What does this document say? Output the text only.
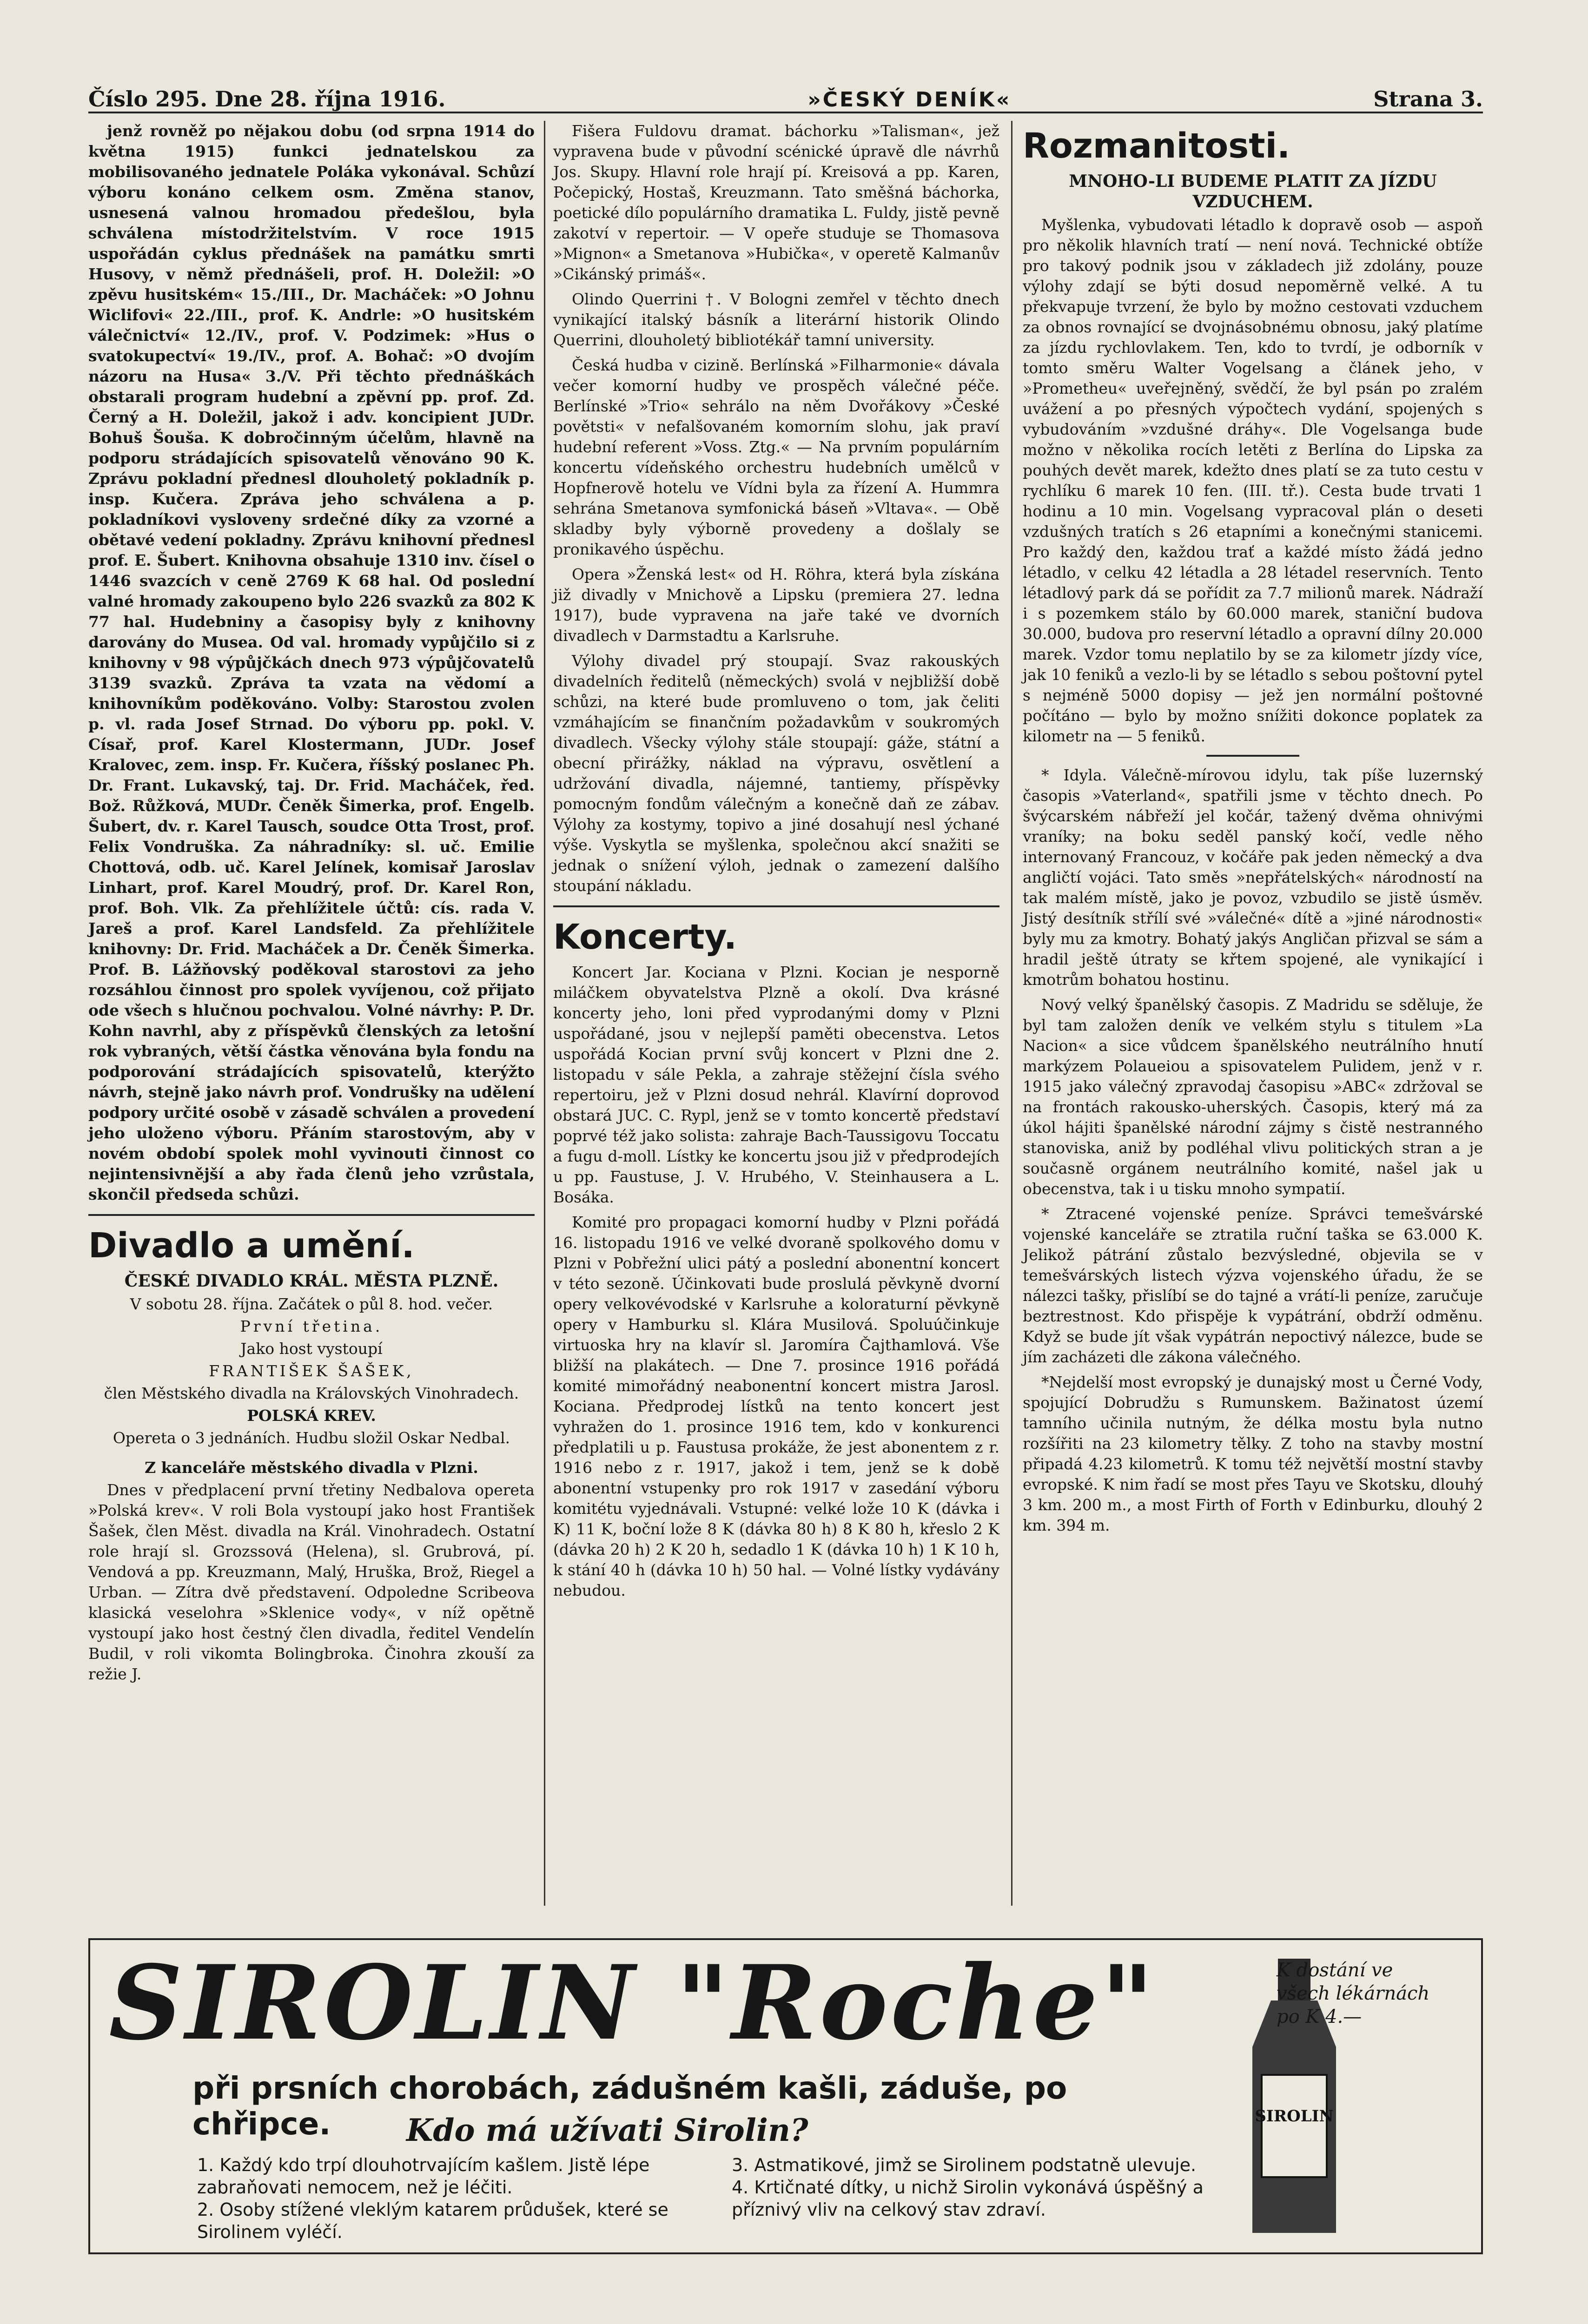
Číslo 295. Dne 28. října 1916.	»ČESKÝ DENÍK«	Strana 3.

jenž rovněž po nějakou dobu (od srpna 1914 do května 1915) funkci jednatelskou za mobilisovaného jednatele Poláka vykonával. Schůzí výboru konáno celkem osm. Změna stanov, usnesená valnou hromadou předešlou, byla schválena místodržitelstvím. V roce 1915 uspořádán cyklus přednášek na památku smrti Husovy, v němž přednášeli, prof. H. Doležil: »O zpěvu husitském« 15./III., Dr. Macháček: »O Johnu Wiclifovi« 22./III., prof. K. Andrle: »O husitském válečnictví« 12./IV., prof. V. Podzimek: »Hus o svatokupectví« 19./IV., prof. A. Bohač: »O dvojím názoru na Husa« 3./V. Při těchto přednáškách obstarali program hudební a zpěvní pp. prof. Zd. Černý a H. Doležil, jakož i adv. koncipient JUDr. Bohuš Šouša. K dobročinným účelům, hlavně na podporu strádajících spisovatelů věnováno 90 K. Zprávu pokladní přednesl dlouholetý pokladník p. insp. Kučera. Zpráva jeho schválena a p. pokladníkovi vysloveny srdečné díky za vzorné a obětavé vedení pokladny. Zprávu knihovní přednesl prof. E. Šubert. Knihovna obsahuje 1310 inv. čísel o 1446 svazcích v ceně 2769 K 68 hal. Od poslední valné hromady zakoupeno bylo 226 svazků za 802 K 77 hal. Hudebniny a časopisy byly z knihovny darovány do Musea. Od val. hromady vypůjčilo si z knihovny v 98 výpůjčkách dnech 973 výpůjčovatelů 3139 svazků. Zpráva ta vzata na vědomí a knihovníkům poděkováno. Volby: Starostou zvolen p. vl. rada Josef Strnad. Do výboru pp. pokl. V. Císař, prof. Karel Klostermann, JUDr. Josef Kralovec, zem. insp. Fr. Kučera, říšský poslanec Ph. Dr. Frant. Lukavský, taj. Dr. Frid. Macháček, řed. Bož. Růžková, MUDr. Čeněk Šimerka, prof. Engelb. Šubert, dv. r. Karel Tausch, soudce Otta Trost, prof. Felix Vondruška. Za náhradníky: sl. uč. Emilie Chottová, odb. uč. Karel Jelínek, komisař Jaroslav Linhart, prof. Karel Moudrý, prof. Dr. Karel Ron, prof. Boh. Vlk. Za přehlížitele účtů: cís. rada V. Jareš a prof. Karel Landsfeld. Za přehlížitele knihovny: Dr. Frid. Macháček a Dr. Čeněk Šimerka. Prof. B. Lážňovský poděkoval starostovi za jeho rozsáhlou činnost pro spolek vyvíjenou, což přijato ode všech s hlučnou pochvalou. Volné návrhy: P. Dr. Kohn navrhl, aby z příspěvků členských za letošní rok vybraných, větší částka věnována byla fondu na podporování strádajících spisovatelů, kterýžto návrh, stejně jako návrh prof. Vondrušky na udělení podpory určité osobě v zásadě schválen a provedení jeho uloženo výboru. Přáním starostovým, aby v novém období spolek mohl vyvinouti činnost co nejintensivnější a aby řada členů jeho vzrůstala, skončil předseda schůzi.

Divadlo a umění.
ČESKÉ DIVADLO KRÁL. MĚSTA PLZNĚ.
V sobotu 28. října. Začátek o půl 8. hod. večer.
První třetina.
Jako host vystoupí
FRANTIŠEK ŠAŠEK,
člen Městského divadla na Královských Vinohradech.
POLSKÁ KREV.
Opereta o 3 jednáních. Hudbu složil Oskar Nedbal.
Z kanceláře městského divadla v Plzni.

Dnes v předplacení první třetiny Nedbalova opereta »Polská krev«. V roli Bola vystoupí jako host František Šašek, člen Měst. divadla na Král. Vinohradech. Ostatní role hrají sl. Grozssová (Helena), sl. Grubrová, pí. Vendová a pp. Kreuzmann, Malý, Hruška, Brož, Riegel a Urban. — Zítra dvě představení. Odpoledne Scribeova klasická veselohra »Sklenice vody«, v níž opětně vystoupí jako host čestný člen divadla, ředitel Vendelín Budil, v roli vikomta Bolingbroka. Činohra zkouší za režie J.

Fišera Fuldovu dramat. báchorku »Talisman«, jež vypravena bude v původní scénické úpravě dle návrhů Jos. Skupy. Hlavní role hrají pí. Kreisová a pp. Karen, Počepický, Hostaš, Kreuzmann. Tato směšná báchorka, poetické dílo populárního dramatika L. Fuldy, jistě pevně zakotví v repertoir. — V opeře studuje se Thomasova »Mignon« a Smetanova »Hubička«, v operetě Kalmanův »Cikánský primáš«.

Olindo Querrini †. V Bologni zemřel v těchto dnech vynikající italský básník a literární historik Olindo Querrini, dlouholetý bibliotékář tamní university.

Česká hudba v cizině. Berlínská »Filharmonie« dávala večer komorní hudby ve prospěch válečné péče. Berlínské »Trio« sehrálo na něm Dvořákovy »České povětsti« v nefalšovaném komorním slohu, jak praví hudební referent »Voss. Ztg.« — Na prvním populárním koncertu vídeňského orchestru hudebních umělců v Hopfnerově hotelu ve Vídni byla za řízení A. Hummra sehrána Smetanova symfonická báseň »Vltava«. — Obě skladby byly výborně provedeny a došlaly se pronikavého úspěchu.

Opera »Ženská lest« od H. Röhra, která byla získána již divadly v Mnichově a Lipsku (premiera 27. ledna 1917), bude vypravena na jaře také ve dvorních divadlech v Darmstadtu a Karlsruhe.

Výlohy divadel prý stoupají. Svaz rakouských divadelních ředitelů (německých) svolá v nejbližší době schůzi, na které bude promluveno o tom, jak čeliti vzmáhajícím se finančním požadavkům v soukromých divadlech. Všecky výlohy stále stoupají: gáže, státní a obecní přirážky, náklad na výpravu, osvětlení a udržování divadla, nájemné, tantiemy, příspěvky pomocným fondům válečným a konečně daň ze zábav. Výlohy za kostymy, topivo a jiné dosahují nesl ýchané výše. Vyskytla se myšlenka, společnou akcí snažiti se jednak o snížení výloh, jednak o zamezení dalšího stoupání nákladu.

Koncerty.

Koncert Jar. Kociana v Plzni. Kocian je nesporně miláčkem obyvatelstva Plzně a okolí. Dva krásné koncerty jeho, loni před vyprodanými domy v Plzni uspořádané, jsou v nejlepší paměti obecenstva. Letos uspořádá Kocian první svůj koncert v Plzni dne 2. listopadu v sále Pekla, a zahraje stěžejní čísla svého repertoiru, jež v Plzni dosud nehrál. Klavírní doprovod obstará JUC. C. Rypl, jenž se v tomto koncertě představí poprvé též jako solista: zahraje Bach-Taussigovu Toccatu a fugu d-moll. Lístky ke koncertu jsou již v předprodejích u pp. Faustuse, J. V. Hrubého, V. Steinhausera a L. Bosáka.

Komité pro propagaci komorní hudby v Plzni pořádá 16. listopadu 1916 ve velké dvoraně spolkového domu v Plzni v Pobřežní ulici pátý a poslední abonentní koncert v této sezoně. Účinkovati bude proslulá pěvkyně dvorní opery velkovévodské v Karlsruhe a koloraturní pěvkyně opery v Hamburku sl. Klára Musilová. Spoluúčinkuje virtuoska hry na klavír sl. Jaromíra Čajthamlová. Vše bližší na plakátech. — Dne 7. prosince 1916 pořádá komité mimořádný neabonentní koncert mistra Jarosl. Kociana. Předprodej lístků na tento koncert jest vyhražen do 1. prosince 1916 tem, kdo v konkurenci předplatili u p. Faustusa prokáže, že jest abonentem z r. 1916 nebo z r. 1917, jakož i tem, jenž se k době abonentní vstupenky pro rok 1917 v zasedání výboru komitétu vyjednávali. Vstupné: velké lože 10 K (dávka i K) 11 K, boční lože 8 K (dávka 80 h) 8 K 80 h, křeslo 2 K (dávka 20 h) 2 K 20 h, sedadlo 1 K (dávka 10 h) 1 K 10 h, k stání 40 h (dávka 10 h) 50 hal. — Volné lístky vydávány nebudou.

Rozmanitosti.
MNOHO-LI BUDEME PLATIT ZA JÍZDU VZDUCHEM.

Myšlenka, vybudovati létadlo k dopravě osob — aspoň pro několik hlavních tratí — není nová. Technické obtíže pro takový podnik jsou v základech již zdolány, pouze výlohy zdají se býti dosud nepoměrně velké. A tu překvapuje tvrzení, že bylo by možno cestovati vzduchem za obnos rovnající se dvojnásobnému obnosu, jaký platíme za jízdu rychlovlakem. Ten, kdo to tvrdí, je odborník v tomto směru Walter Vogelsang a článek jeho, v »Prometheu« uveřejněný, svědčí, že byl psán po zralém uvážení a po přesných výpočtech vydání, spojených s vybudováním »vzdušné dráhy«. Dle Vogelsanga bude možno v několika rocích letěti z Berlína do Lipska za pouhých devět marek, kdežto dnes platí se za tuto cestu v rychlíku 6 marek 10 fen. (III. tř.). Cesta bude trvati 1 hodinu a 10 min. Vogelsang vypracoval plán o deseti vzdušných tratích s 26 etapními a konečnými stanicemi. Pro každý den, každou trať a každé místo žádá jedno létadlo, v celku 42 létadla a 28 létadel reservních. Tento létadlový park dá se pořídit za 7.7 milionů marek. Nádraží i s pozemkem stálo by 60.000 marek, staniční budova 30.000, budova pro reservní létadlo a opravní dílny 20.000 marek. Vzdor tomu neplatilo by se za kilometr jízdy více, jak 10 feniků a vezlo-li by se létadlo s sebou poštovní pytel s nejméně 5000 dopisy — jež jen normální poštovné počítáno — bylo by možno snížiti dokonce poplatek za kilometr na — 5 feniků.

* Idyla. Válečně-mírovou idylu, tak píše luzernský časopis »Vaterland«, spatřili jsme v těchto dnech. Po švýcarském nábřeží jel kočár, tažený dvěma ohnivými vraníky; na boku seděl panský kočí, vedle něho internovaný Francouz, v kočáře pak jeden německý a dva angličtí vojáci. Tato směs »nepřátelských« národností na tak malém místě, jako je povoz, vzbudilo se jistě úsměv. Jistý desítník střílí své »válečné« dítě a »jiné národnosti« byly mu za kmotry. Bohatý jakýs Angličan přizval se sám a hradil ještě útraty se křtem spojené, ale vynikající i kmotrům bohatou hostinu.

Nový velký španělský časopis. Z Madridu se sděluje, že byl tam založen deník ve velkém stylu s titulem »La Nacion« a sice vůdcem španělského neutrálního hnutí markýzem Polaueiou a spisovatelem Pulidem, jenž v r. 1915 jako válečný zpravodaj časopisu »ABC« zdržoval se na frontách rakousko-uherských. Časopis, který má za úkol hájiti španělské národní zájmy s čistě nestranného stanoviska, aniž by podléhal vlivu politických stran a je současně orgánem neutrálního komité, našel jak u obecenstva, tak i u tisku mnoho sympatií.

* Ztracené vojenské peníze. Správci temešvárské vojenské kanceláře se ztratila ruční taška se 63.000 K. Jelikož pátrání zůstalo bezvýsledné, objevila se v temešvárských listech výzva vojenského úřadu, že se nálezci tašky, přislíbí se do tajné a vrátí-li peníze, zaručuje beztrestnost. Kdo přispěje k vypátrání, obdrží odměnu. Když se bude jít však vypátrán nepoctivý nálezce, bude se jím zacházeti dle zákona válečného.

*Nejdelší most evropský je dunajský most u Černé Vody, spojující Dobrudžu s Rumunskem. Bažinatost území tamního učinila nutným, že délka mostu byla nutno rozšířiti na 23 kilometry tělky. Z toho na stavby mostní připadá 4.23 kilometrů. K tomu též největší mostní stavby evropské. K nim řadí se most přes Tayu ve Skotsku, dlouhý 3 km. 200 m., a most Firth of Forth v Edinburku, dlouhý 2 km. 394 m.

SIROLIN "Roche"
při prsních chorobách, zádušném kašli, záduše, po chřipce.	Kdo má užívati Sirolin?
1. Každý kdo trpí dlouhotrvajícím kašlem. Jistě lépe zabraňovati nemocem, než je léčiti.
2. Osoby stížené vleklým katarem průdušek, které se Sirolinem vyléčí.
3. Astmatikové, jimž se Sirolinem podstatně ulevuje.
4. Krtičnaté dítky, u nichž Sirolin vykonává úspěšný a příznivý vliv na celkový stav zdraví.
SIROLIN
K dostání ve všech lékárnách po K 4.—
